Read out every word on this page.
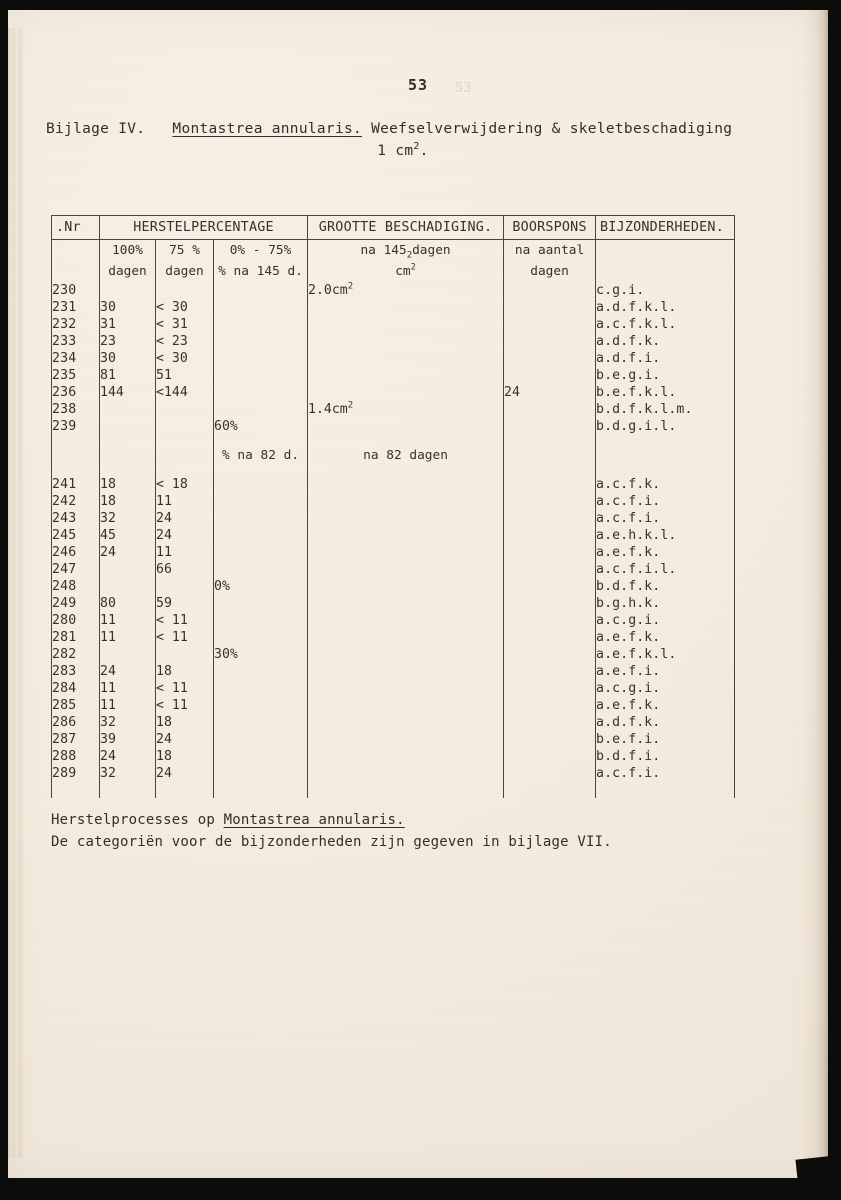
53	53

Bijlage IV. Montastrea annularis. Weefselverwijdering & skeletbeschadiging
1 $cm^2$.
.Nr	HERSTELPERCENTAGE			GROOTTE BESCHADIGING.	BOORSPONS	BIJZONDERHEDEN.
	100%	75 %	0% - 75%	na $145_2dagen$	na aantal	
	dagen	dagen	% na 145 d.	$cm^2$	dagen	
230				$2.0cm^2$		c.g.i.
231	30	< 30				a.d.f.k.l.
232	31	< 31				a.c.f.k.l.
233	23	< 23				a.d.f.k.
234	30	< 30				a.d.f.i.
235	81	51				b.e.g.i.
236	144	<144			24	b.e.f.k.l.
238				$1.4cm^2$		b.d.f.k.l.m.
239			60%			b.d.g.i.l.

			% na 82 d.	na 82 dagen		

241	18	< 18				a.c.f.k.
242	18	11				a.c.f.i.
243	32	24				a.c.f.i.
245	45	24				a.e.h.k.l.
246	24	11				a.e.f.k.
247		66				a.c.f.i.l.
248			0%			b.d.f.k.
249	80	59				b.g.h.k.
280	11	< 11				a.c.g.i.
281	11	< 11				a.e.f.k.
282			30%			a.e.f.k.l.
283	24	18				a.e.f.i.
284	11	< 11				a.c.g.i.
285	11	< 11				a.e.f.k.
286	32	18				a.d.f.k.
287	39	24				b.e.f.i.
288	24	18				b.d.f.i.
289	32	24				a.c.f.i.

Herstelprocesses op Montastrea annularis.
De categoriën voor de bijzonderheden zijn gegeven in bijlage VII.
